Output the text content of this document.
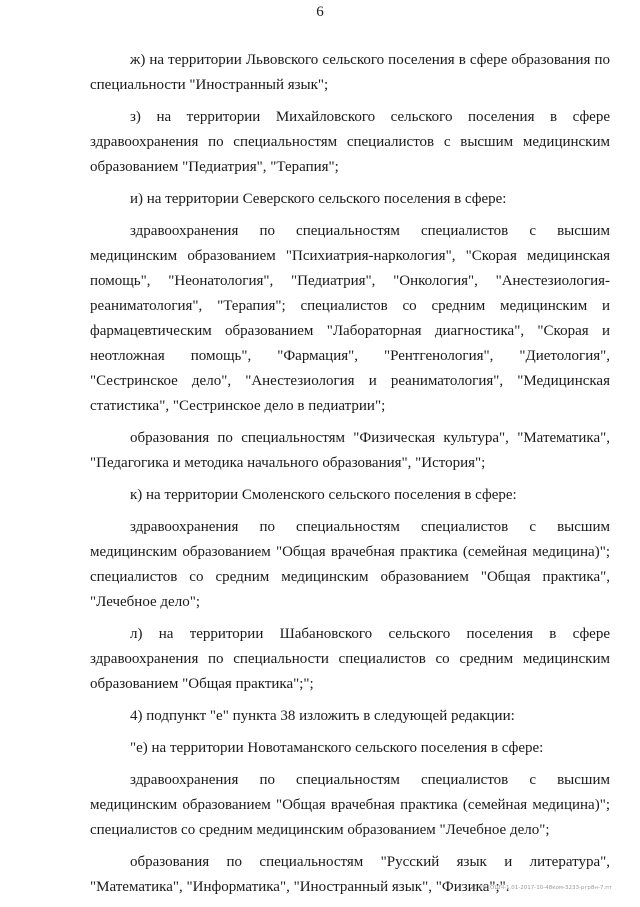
6

ж) на территории Львовского сельского поселения в сфере образования по специальности "Иностранный язык";

з) на территории Михайловского сельского поселения в сфере здравоохранения по специальностям специалистов с высшим медицинским образованием "Педиатрия", "Терапия";

и) на территории Северского сельского поселения в сфере:

здравоохранения по специальностям специалистов с высшим медицинским образованием "Психиатрия-наркология", "Скорая медицинская помощь", "Неонатология", "Педиатрия", "Онкология", "Анестезиология-реаниматология", "Терапия"; специалистов со средним медицинским и фармацевтическим образованием "Лабораторная диагностика", "Скорая и неотложная помощь", "Фармация", "Рентгенология", "Диетология", "Сестринское дело", "Анестезиология и реаниматология", "Медицинская статистика", "Сестринское дело в педиатрии";

образования по специальностям "Физическая культура", "Математика", "Педагогика и методика начального образования", "История";

к) на территории Смоленского сельского поселения в сфере:

здравоохранения по специальностям специалистов с высшим медицинским образованием "Общая врачебная практика (семейная медицина)"; специалистов со средним медицинским образованием "Общая практика", "Лечебное дело";

л) на территории Шабановского сельского поселения в сфере здравоохранения по специальности специалистов со средним медицинским образованием "Общая практика";";

4) подпункт "е" пункта 38 изложить в следующей редакции:

"е) на территории Новотаманского сельского поселения в сфере:

здравоохранения по специальностям специалистов с высшим медицинским образованием "Общая врачебная практика (семейная медицина)"; специалистов со средним медицинским образованием "Лечебное дело";

образования по специальностям "Русский язык и литература", "Математика", "Информатика", "Иностранный язык", "Физика";".

20-РЕСОШЧ-1.01-2017-10-48ком-3233-ргр8н-7.пт
